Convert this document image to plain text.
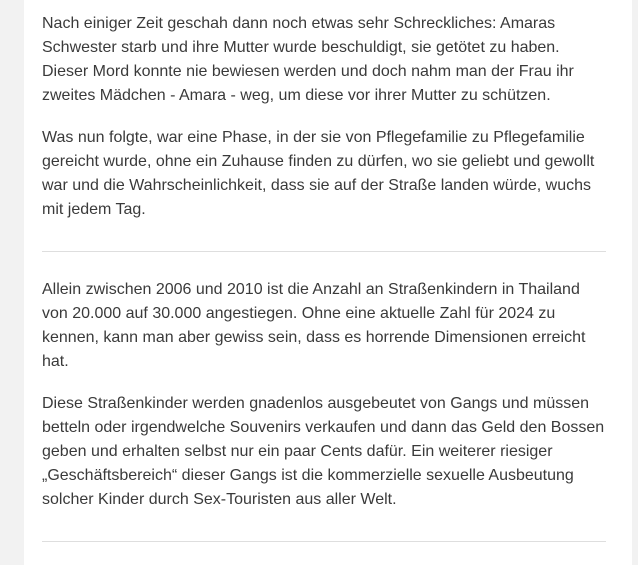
Nach einiger Zeit geschah dann noch etwas sehr Schreckliches: Amaras Schwester starb und ihre Mutter wurde beschuldigt, sie getötet zu haben. Dieser Mord konnte nie bewiesen werden und doch nahm man der Frau ihr zweites Mädchen - Amara - weg, um diese vor ihrer Mutter zu schützen.

Was nun folgte, war eine Phase, in der sie von Pflegefamilie zu Pflegefamilie gereicht wurde, ohne ein Zuhause finden zu dürfen, wo sie geliebt und gewollt war und die Wahrscheinlichkeit, dass sie auf der Straße landen würde, wuchs mit jedem Tag.

Allein zwischen 2006 und 2010 ist die Anzahl an Straßenkindern in Thailand von 20.000 auf 30.000 angestiegen. Ohne eine aktuelle Zahl für 2024 zu kennen, kann man aber gewiss sein, dass es horrende Dimensionen erreicht hat.

Diese Straßenkinder werden gnadenlos ausgebeutet von Gangs und müssen betteln oder irgendwelche Souvenirs verkaufen und dann das Geld den Bossen geben und erhalten selbst nur ein paar Cents dafür. Ein weiterer riesiger „Geschäftsbereich“ dieser Gangs ist die kommerzielle sexuelle Ausbeutung solcher Kinder durch Sex-Touristen aus aller Welt.
